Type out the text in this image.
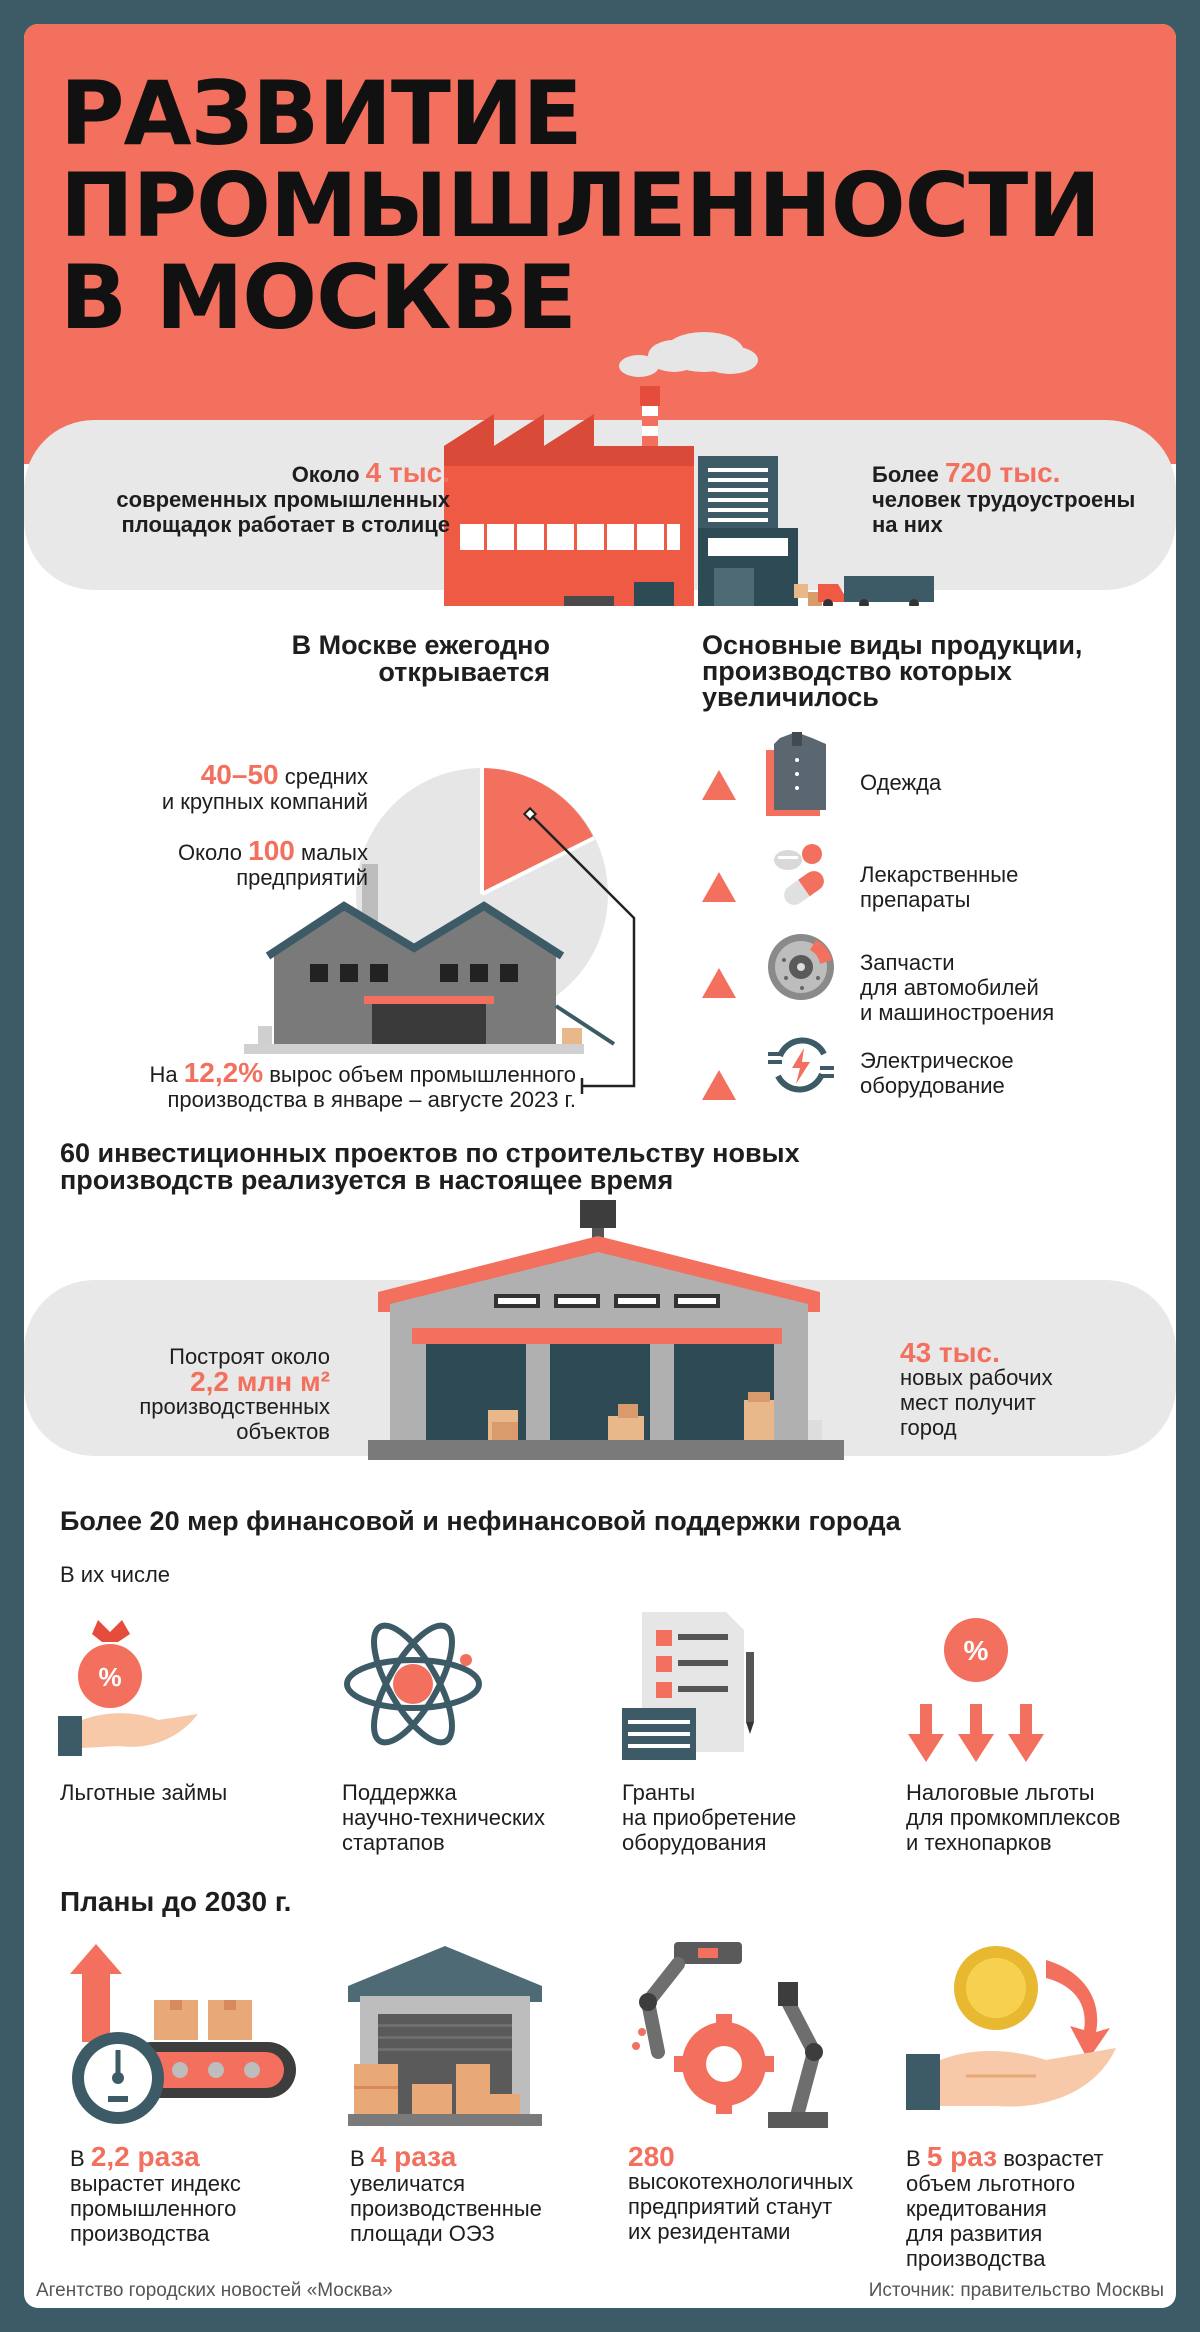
РАЗВИТИЕ
ПРОМЫШЛЕННОСТИ
В МОСКВЕ
Около 4 тыс.
современных промышленных
площадок работает в столице
Более 720 тыс.
человек трудоустроены
на них
В Москве ежегодно
открывается
40–50 средних
и крупных компаний
Около 100 малых
предприятий
На 12,2% вырос объем промышленного
производства в январе – августе 2023 г.
Основные виды продукции,
производство которых
увеличилось
Одежда
Лекарственные
препараты
Запчасти
для автомобилей
и машиностроения
Электрическое
оборудование
60 инвестиционных проектов по строительству новых
производств реализуется в настоящее время
Построят около
2,2 млн м²
производственных
объектов
43 тыс.
новых рабочих
мест получит
город
Более 20 мер финансовой и нефинансовой поддержки города
В их числе
%
Льготные займы	Поддержка
научно-технических
стартапов
Гранты
на приобретение
оборудования
%
Налоговые льготы
для промкомплексов
и технопарков
Планы до 2030 г.
В 2,2 раза
вырастет индекс
промышленного
производства
В 4 раза
увеличатся
производственные
площади ОЭЗ
280
высокотехнологичных
предприятий станут
их резидентами
В 5 раз возрастет
объем льготного
кредитования
для развития
производства
Агентство городских новостей «Москва»	Источник: правительство Москвы
